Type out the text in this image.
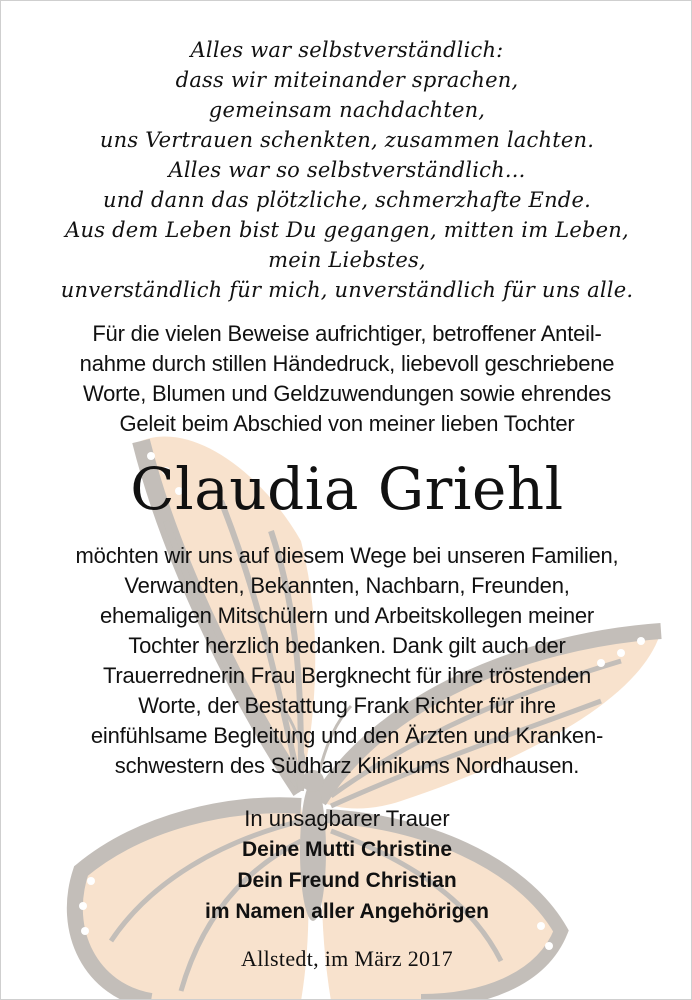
Alles war selbstverständlich:
dass wir miteinander sprachen,
gemeinsam nachdachten,
uns Vertrauen schenkten, zusammen lachten.
Alles war so selbstverständlich...
und dann das plötzliche, schmerzhafte Ende.
Aus dem Leben bist Du gegangen, mitten im Leben,
mein Liebstes,
unverständlich für mich, unverständlich für uns alle.
Für die vielen Beweise aufrichtiger, betroffener Anteil-
nahme durch stillen Händedruck, liebevoll geschriebene
Worte, Blumen und Geldzuwendungen sowie ehrendes
Geleit beim Abschied von meiner lieben Tochter
Claudia Griehl
möchten wir uns auf diesem Wege bei unseren Familien,
Verwandten, Bekannten, Nachbarn, Freunden,
ehemaligen Mitschülern und Arbeitskollegen meiner
Tochter herzlich bedanken. Dank gilt auch der
Trauerrednerin Frau Bergknecht für ihre tröstenden
Worte, der Bestattung Frank Richter für ihre
einfühlsame Begleitung und den Ärzten und Kranken-
schwestern des Südharz Klinikums Nordhausen.
In unsagbarer Trauer
Deine Mutti Christine
Dein Freund Christian
im Namen aller Angehörigen
Allstedt, im März 2017
